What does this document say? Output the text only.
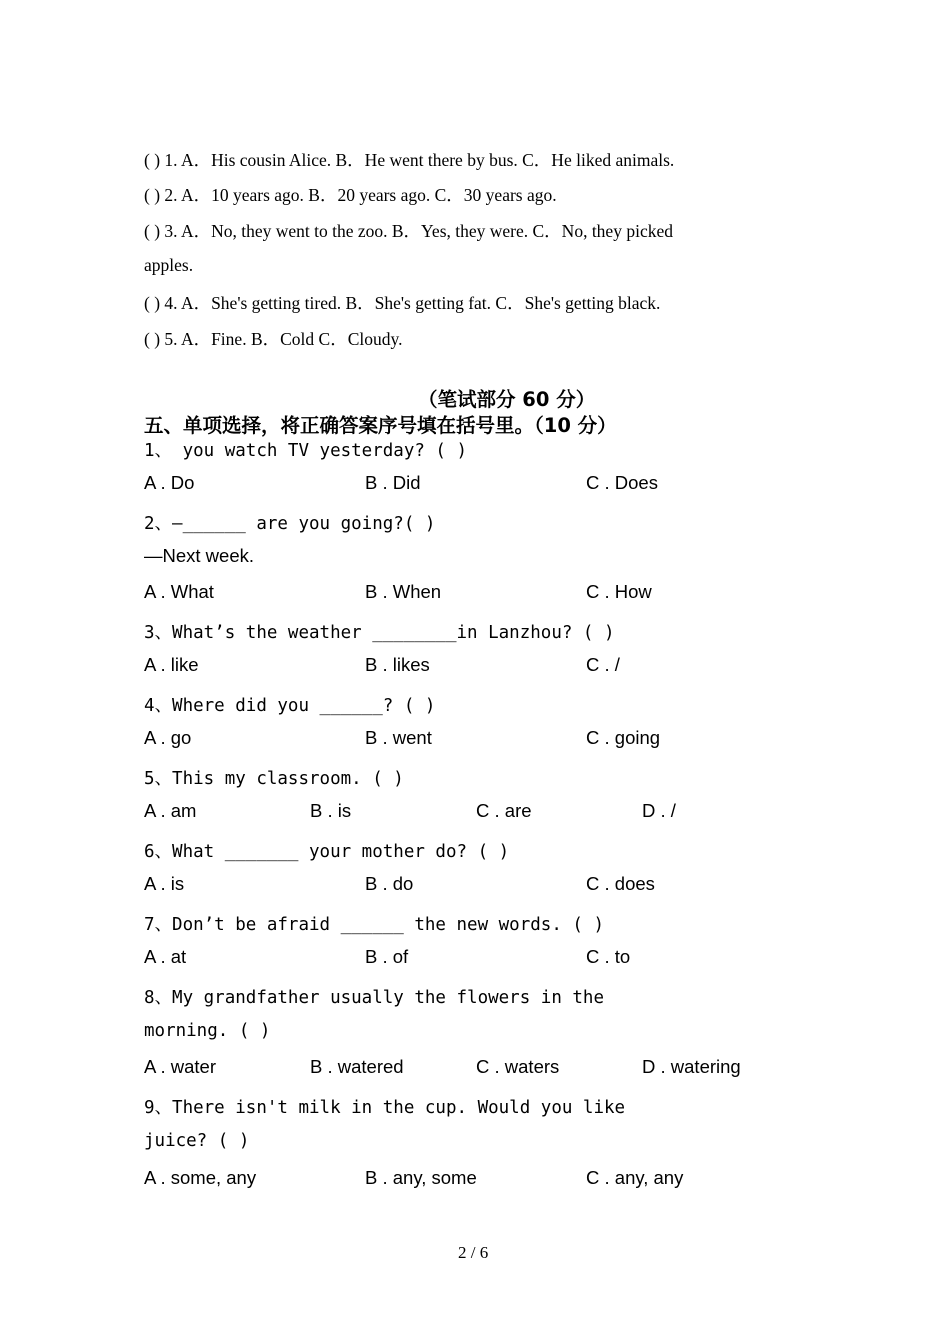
( ) 1. A．His cousin Alice. B．He went there by bus. C．He liked animals.
( ) 2. A．10 years ago. B．20 years ago. C．30 years ago.
( ) 3. A．No, they went to the zoo. B．Yes, they were. C．No, they picked
apples.
( ) 4. A．She's getting tired. B．She's getting fat. C．She's getting black.
( ) 5. A．Fine. B．Cold C．Cloudy.
（笔试部分 60 分）
五、单项选择，将正确答案序号填在括号里。（10 分）
1、 you watch TV yesterday? ( )
A . Do	B . Did	C . Does
2、—______ are you going?( )
—Next week.
A . What	B . When	C . How
3、What’s the weather ________in Lanzhou? ( )
A . like	B . likes	C . /
4、Where did you ______? ( )
A . go	B . went	C . going
5、This my classroom. ( )
A . am	B . is	C . are	D . /
6、What _______ your mother do? ( )
A . is	B . do	C . does
7、Don’t be afraid ______ the new words. ( )
A . at	B . of	C . to
8、My grandfather usually the flowers in the
morning. ( )
A . water	B . watered	C . waters	D . watering
9、There isn't milk in the cup. Would you like
juice? ( )
A . some, any	B . any, some	C . any, any
2 / 6
